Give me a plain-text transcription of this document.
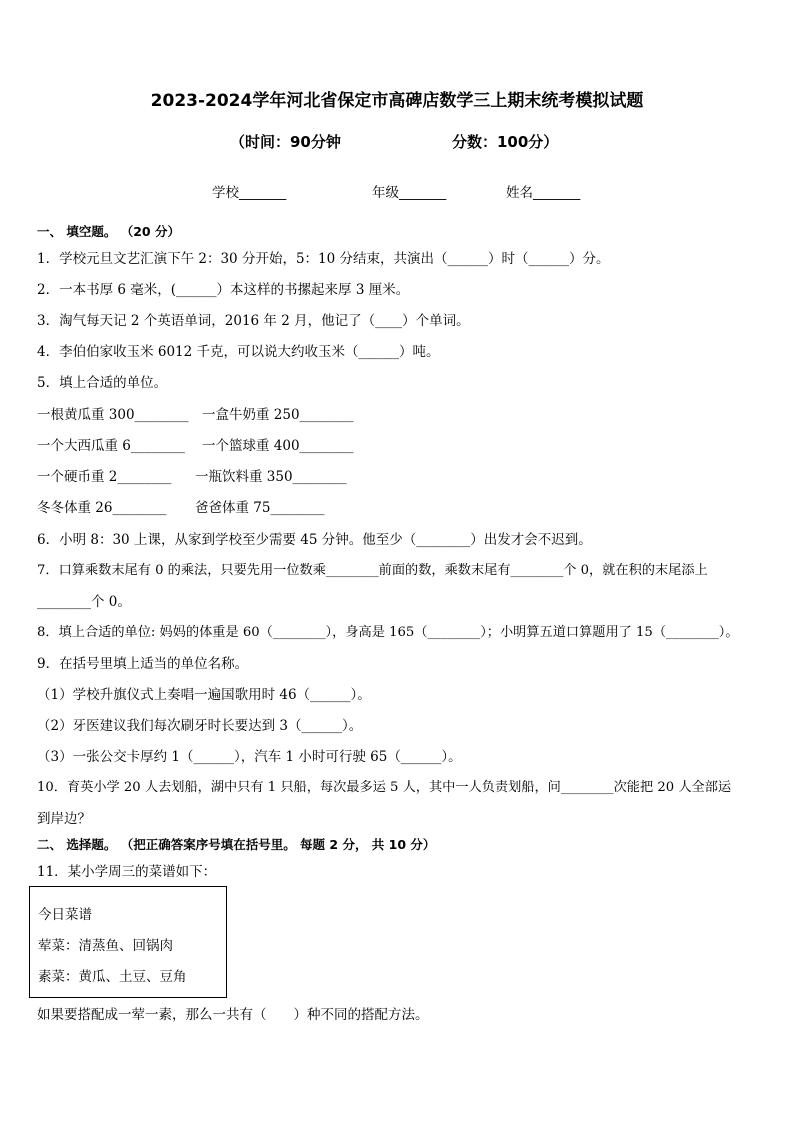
2023-2024学年河北省保定市高碑店数学三上期末统考模拟试题
（时间：90分钟	分数：100分）
学校_______	年级_______	姓名_______
一、 填空题。 （20 分）
1．学校元旦文艺汇演下午 2：30 分开始，5：10 分结束，共演出（______）时（______）分。
2．一本书厚 6 毫米，(______）本这样的书摞起来厚 3 厘米。
3．淘气每天记 2 个英语单词，2016 年 2 月，他记了（____）个单词。
4．李伯伯家收玉米 6012 千克，可以说大约收玉米（______）吨。
5．填上合适的单位。
一根黄瓜重 300________ 一盒牛奶重 250________
一个大西瓜重 6________ 一个篮球重 400________
一个硬币重 2________ 一瓶饮料重 350________
冬冬体重 26________ 爸爸体重 75________
6．小明 8：30 上课，从家到学校至少需要 45 分钟。他至少（________）出发才会不迟到。
7．口算乘数末尾有 0 的乘法，只要先用一位数乘________前面的数，乘数末尾有________个 0，就在积的末尾添上
________个 0。
8．填上合适的单位: 妈妈的体重是 60（________），身高是 165（________）；小明算五道口算题用了 15（________）。
9．在括号里填上适当的单位名称。
（1）学校升旗仪式上奏唱一遍国歌用时 46（______）。
（2）牙医建议我们每次刷牙时长要达到 3（______）。
（3）一张公交卡厚约 1（______），汽车 1 小时可行驶 65（______）。
10．育英小学 20 人去划船，湖中只有 1 只船，每次最多运 5 人，其中一人负责划船，问________次能把 20 人全部运
到岸边？
二、 选择题。 （把正确答案序号填在括号里。 每题 2 分， 共 10 分）
11．某小学周三的菜谱如下：
今日菜谱
荤菜：清蒸鱼、回锅肉
素菜：黄瓜、土豆、豆角
如果要搭配成一荤一素，那么一共有（　　）种不同的搭配方法。
